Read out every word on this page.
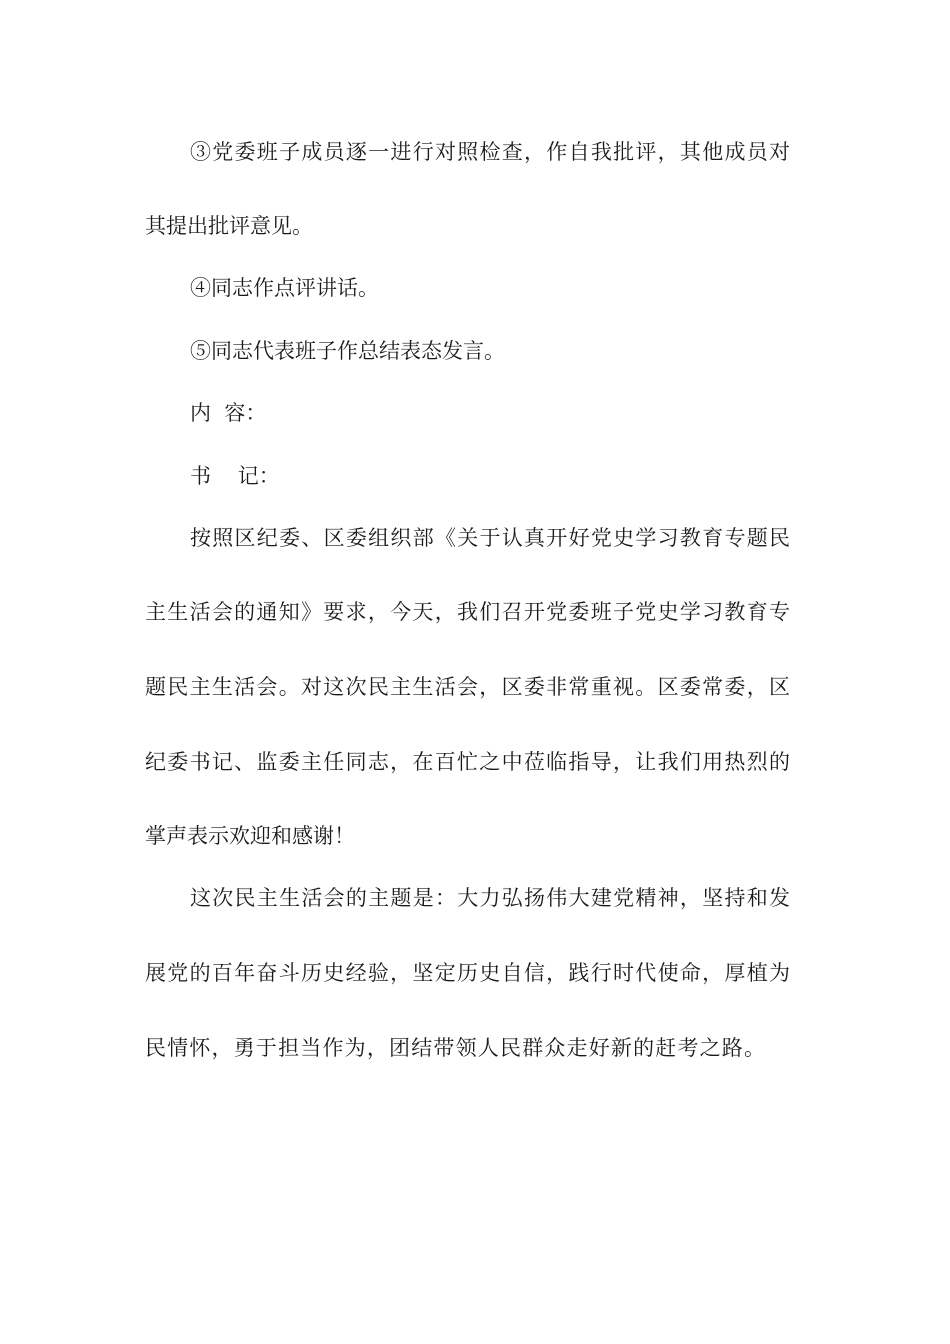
③党委班子成员逐一进行对照检查，作自我批评，其他成员对

其提出批评意见。

④同志作点评讲话。

⑤同志代表班子作总结表态发言。

内  容：

书    记：

按照区纪委、区委组织部《关于认真开好党史学习教育专题民

主生活会的通知》要求，今天，我们召开党委班子党史学习教育专

题民主生活会。对这次民主生活会，区委非常重视。区委常委，区

纪委书记、监委主任同志，在百忙之中莅临指导，让我们用热烈的

掌声表示欢迎和感谢！

这次民主生活会的主题是：大力弘扬伟大建党精神，坚持和发

展党的百年奋斗历史经验，坚定历史自信，践行时代使命，厚植为

民情怀，勇于担当作为，团结带领人民群众走好新的赶考之路。
